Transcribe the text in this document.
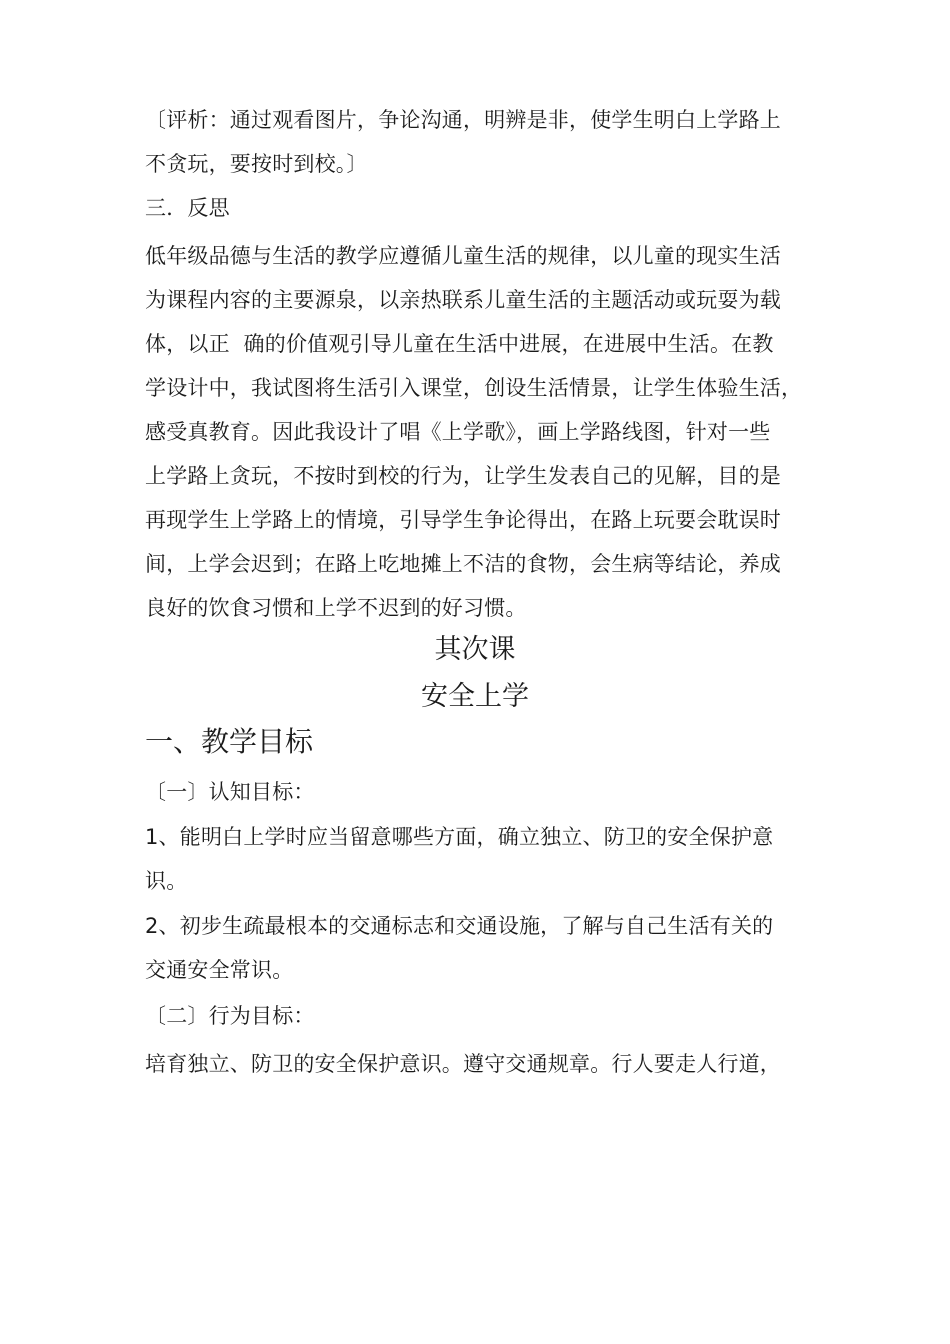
〔评析：通过观看图片，争论沟通，明辨是非，使学生明白上学路上
不贪玩，要按时到校。〕

三．反思

低年级品德与生活的教学应遵循儿童生活的规律，以儿童的现实生活
为课程内容的主要源泉，以亲热联系儿童生活的主题活动或玩耍为载
体，以正  确的价值观引导儿童在生活中进展，在进展中生活。在教
学设计中，我试图将生活引入课堂，创设生活情景，让学生体验生活，
感受真教育。因此我设计了唱《上学歌》，画上学路线图，针对一些
上学路上贪玩，不按时到校的行为，让学生发表自己的见解，目的是
再现学生上学路上的情境，引导学生争论得出，在路上玩要会耽误时
间，上学会迟到；在路上吃地摊上不洁的食物，会生病等结论，养成
良好的饮食习惯和上学不迟到的好习惯。

其次课
安全上学
一、教学目标

〔一〕认知目标：

1、能明白上学时应当留意哪些方面，确立独立、防卫的安全保护意
识。

2、初步生疏最根本的交通标志和交通设施，了解与自己生活有关的
交通安全常识。

〔二〕行为目标：

培育独立、防卫的安全保护意识。遵守交通规章。行人要走人行道，
